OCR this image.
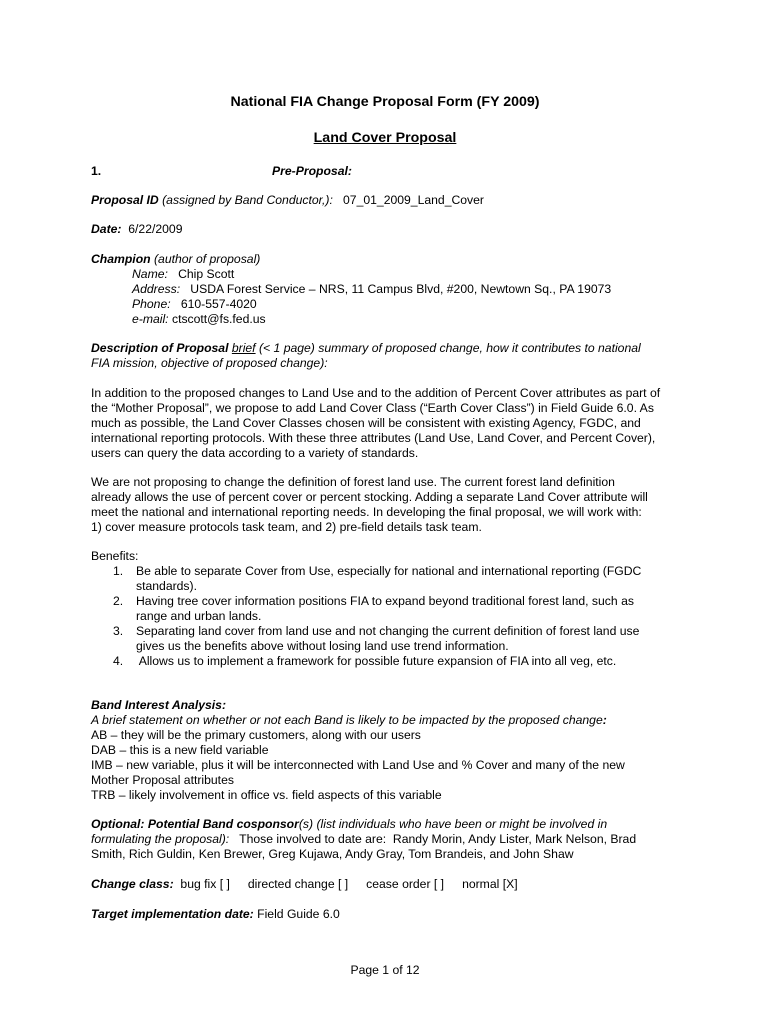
National FIA Change Proposal Form (FY 2009)
Land Cover Proposal
1.	Pre-Proposal:
Proposal ID (assigned by Band Conductor,): 07_01_2009_Land_Cover
Date: 6/22/2009
Champion (author of proposal)
Name: Chip Scott
Address: USDA Forest Service – NRS, 11 Campus Blvd, #200, Newtown Sq., PA 19073
Phone: 610-557-4020
e-mail: ctscott@fs.fed.us
Description of Proposal brief (< 1 page) summary of proposed change, how it contributes to national
FIA mission, objective of proposed change):
In addition to the proposed changes to Land Use and to the addition of Percent Cover attributes as part of
the “Mother Proposal”, we propose to add Land Cover Class (“Earth Cover Class”) in Field Guide 6.0. As
much as possible, the Land Cover Classes chosen will be consistent with existing Agency, FGDC, and
international reporting protocols. With these three attributes (Land Use, Land Cover, and Percent Cover),
users can query the data according to a variety of standards.
We are not proposing to change the definition of forest land use. The current forest land definition
already allows the use of percent cover or percent stocking. Adding a separate Land Cover attribute will
meet the national and international reporting needs. In developing the final proposal, we will work with:
1) cover measure protocols task team, and 2) pre-field details task team.
Benefits:
1. Be able to separate Cover from Use, especially for national and international reporting (FGDC
standards).
2. Having tree cover information positions FIA to expand beyond traditional forest land, such as
range and urban lands.
3. Separating land cover from land use and not changing the current definition of forest land use
gives us the benefits above without losing land use trend information.
4. Allows us to implement a framework for possible future expansion of FIA into all veg, etc.
Band Interest Analysis:
A brief statement on whether or not each Band is likely to be impacted by the proposed change:
AB – they will be the primary customers, along with our users
DAB – this is a new field variable
IMB – new variable, plus it will be interconnected with Land Use and % Cover and many of the new
Mother Proposal attributes
TRB – likely involvement in office vs. field aspects of this variable
Optional: Potential Band cosponsor(s) (list individuals who have been or might be involved in
formulating the proposal):   Those involved to date are:  Randy Morin, Andy Lister, Mark Nelson, Brad
Smith, Rich Guldin, Ken Brewer, Greg Kujawa, Andy Gray, Tom Brandeis, and John Shaw
Change class: bug fix [ ] directed change [ ] cease order [ ] normal [X]
Target implementation date: Field Guide 6.0
Page 1 of 12
